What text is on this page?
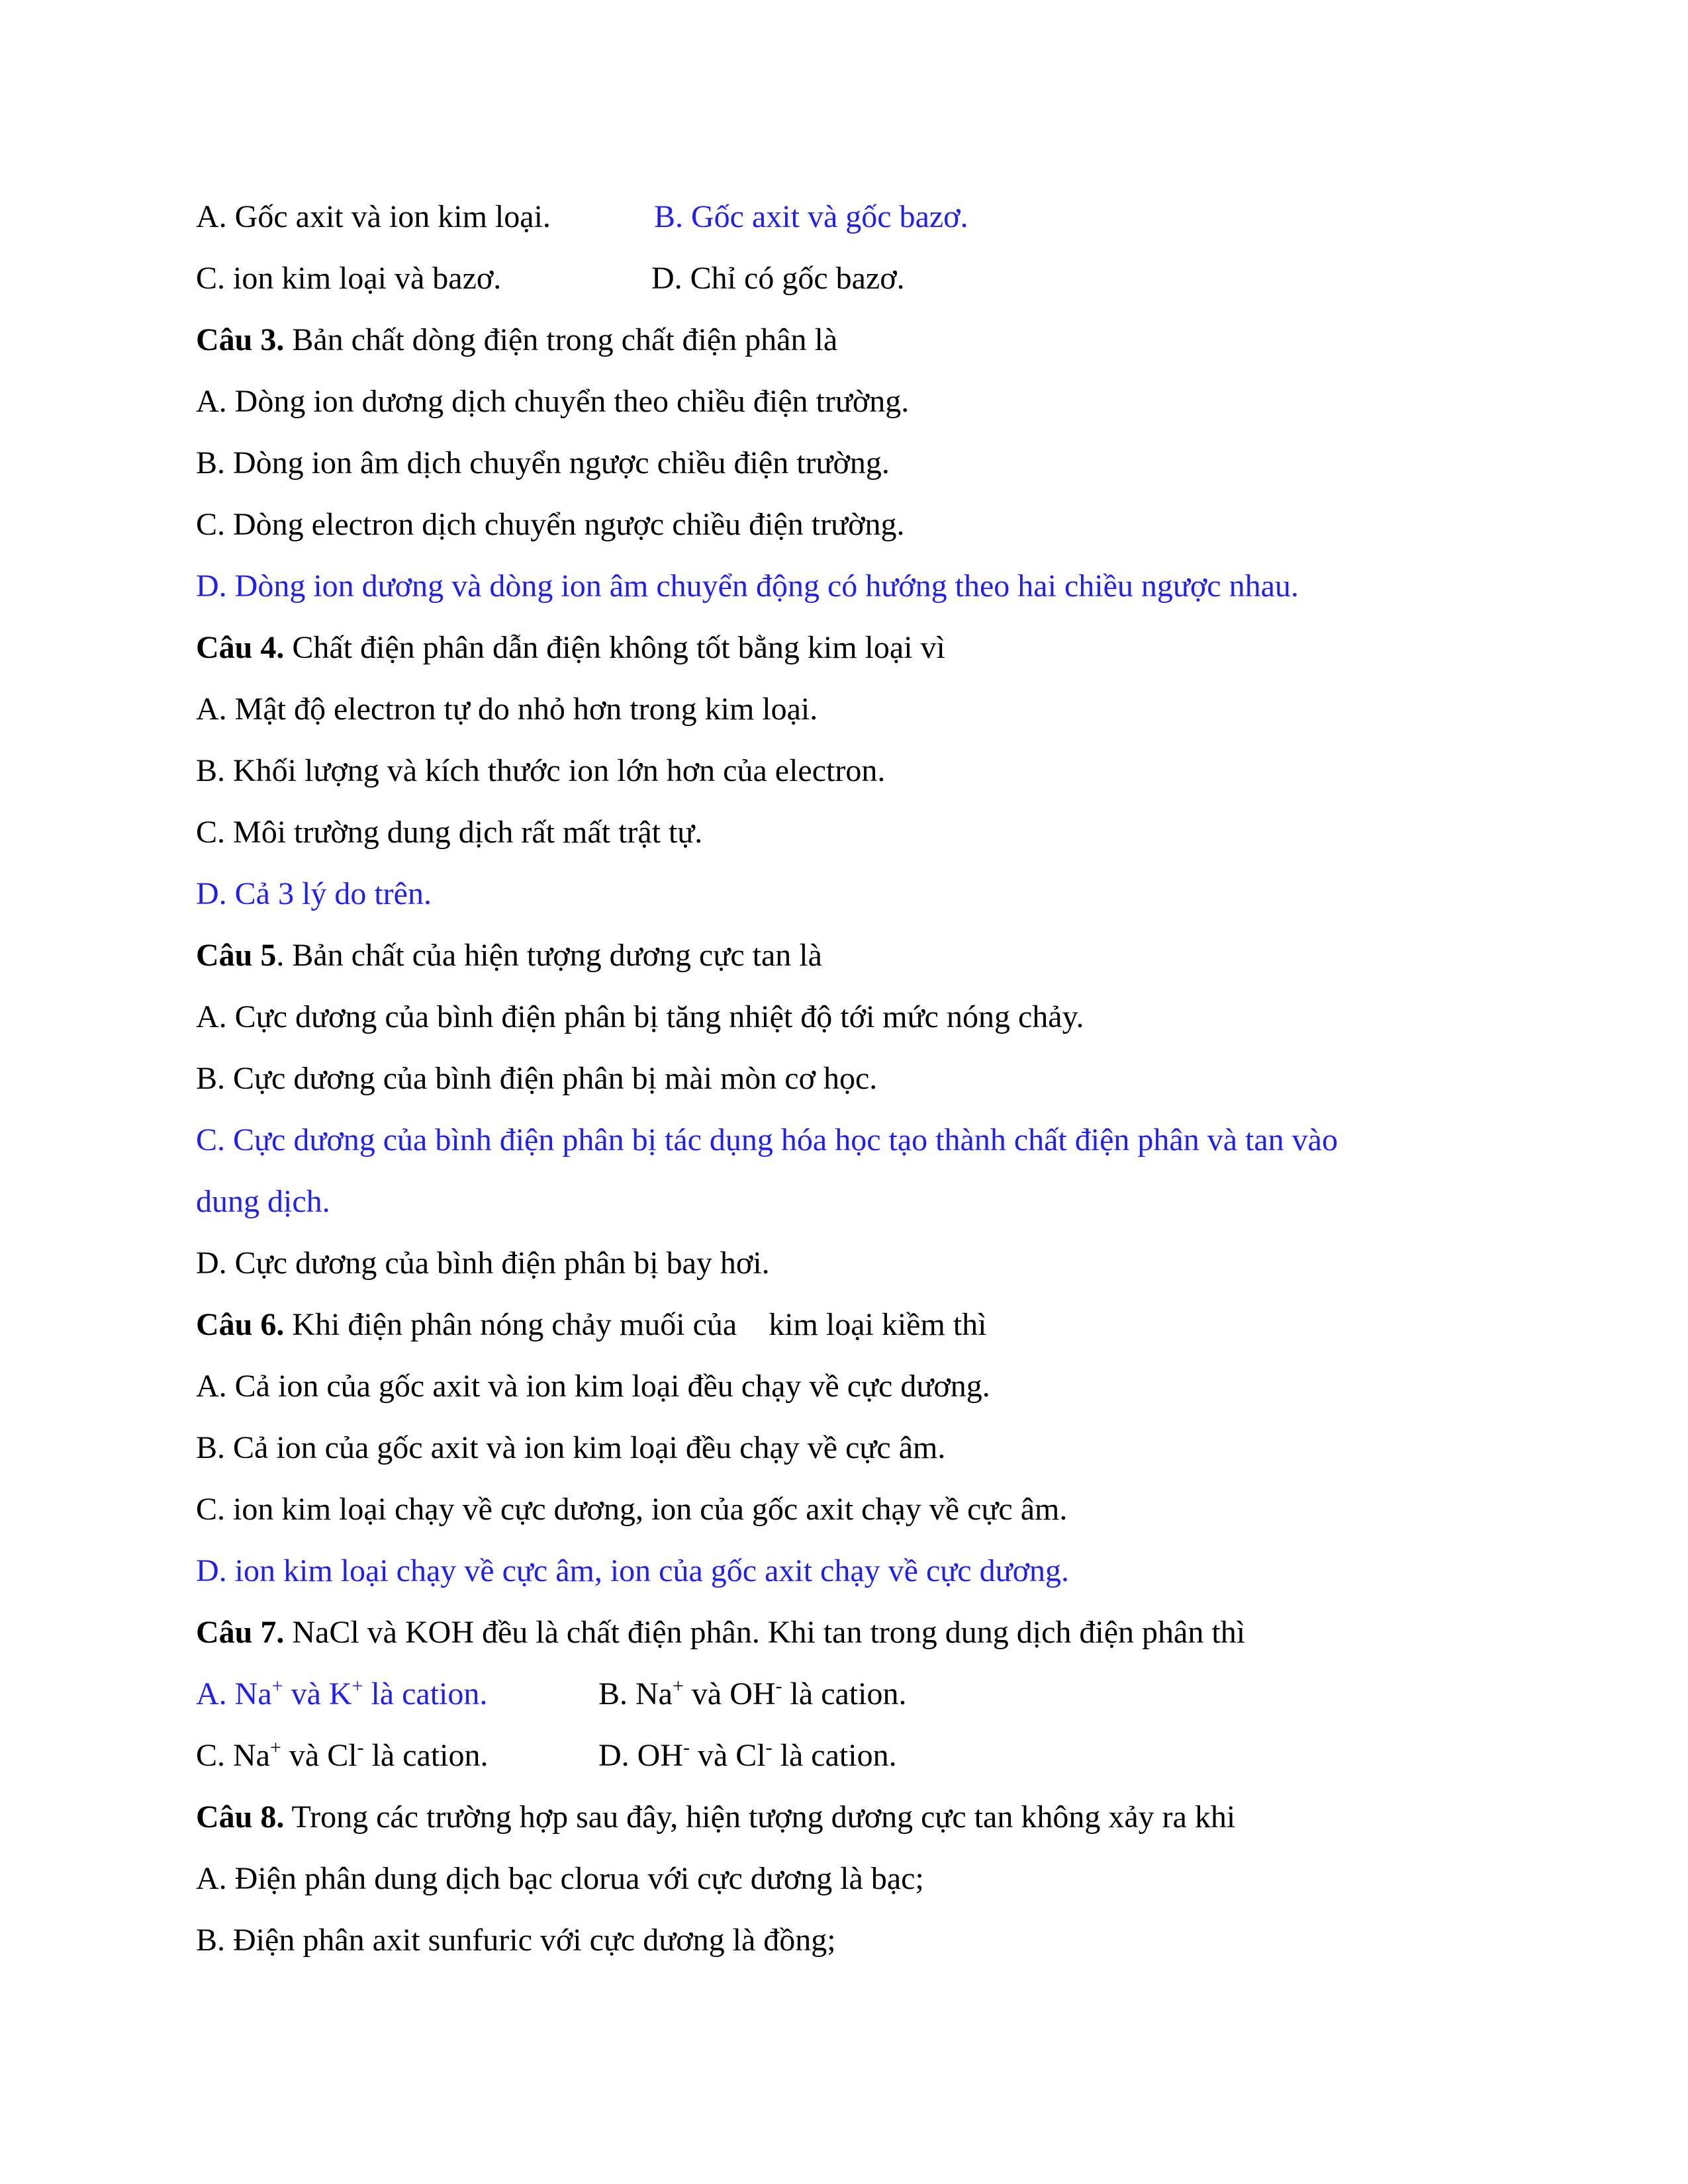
A. Gốc axit và ion kim loại.	B. Gốc axit và gốc bazơ.
C. ion kim loại và bazơ.	D. Chỉ có gốc bazơ.
Câu 3. Bản chất dòng điện trong chất điện phân là
A. Dòng ion dương dịch chuyển theo chiều điện trường.
B. Dòng ion âm dịch chuyển ngược chiều điện trường.
C. Dòng electron dịch chuyển ngược chiều điện trường.
D. Dòng ion dương và dòng ion âm chuyển động có hướng theo hai chiều ngược nhau.
Câu 4. Chất điện phân dẫn điện không tốt bằng kim loại vì
A. Mật độ electron tự do nhỏ hơn trong kim loại.
B. Khối lượng và kích thước ion lớn hơn của electron.
C. Môi trường dung dịch rất mất trật tự.
D. Cả 3 lý do trên.
Câu 5. Bản chất của hiện tượng dương cực tan là
A. Cực dương của bình điện phân bị tăng nhiệt độ tới mức nóng chảy.
B. Cực dương của bình điện phân bị mài mòn cơ học.
C. Cực dương của bình điện phân bị tác dụng hóa học tạo thành chất điện phân và tan vào
dung dịch.
D. Cực dương của bình điện phân bị bay hơi.
Câu 6. Khi điện phân nóng chảy muối của    kim loại kiềm thì
A. Cả ion của gốc axit và ion kim loại đều chạy về cực dương.
B. Cả ion của gốc axit và ion kim loại đều chạy về cực âm.
C. ion kim loại chạy về cực dương, ion của gốc axit chạy về cực âm.
D. ion kim loại chạy về cực âm, ion của gốc axit chạy về cực dương.
Câu 7. NaCl và KOH đều là chất điện phân. Khi tan trong dung dịch điện phân thì
A. Na+ và K+ là cation.	B. Na+ và OH- là cation.
C. Na+ và Cl- là cation.	D. OH- và Cl- là cation.
Câu 8. Trong các trường hợp sau đây, hiện tượng dương cực tan không xảy ra khi
A. Điện phân dung dịch bạc clorua với cực dương là bạc;
B. Điện phân axit sunfuric với cực dương là đồng;
